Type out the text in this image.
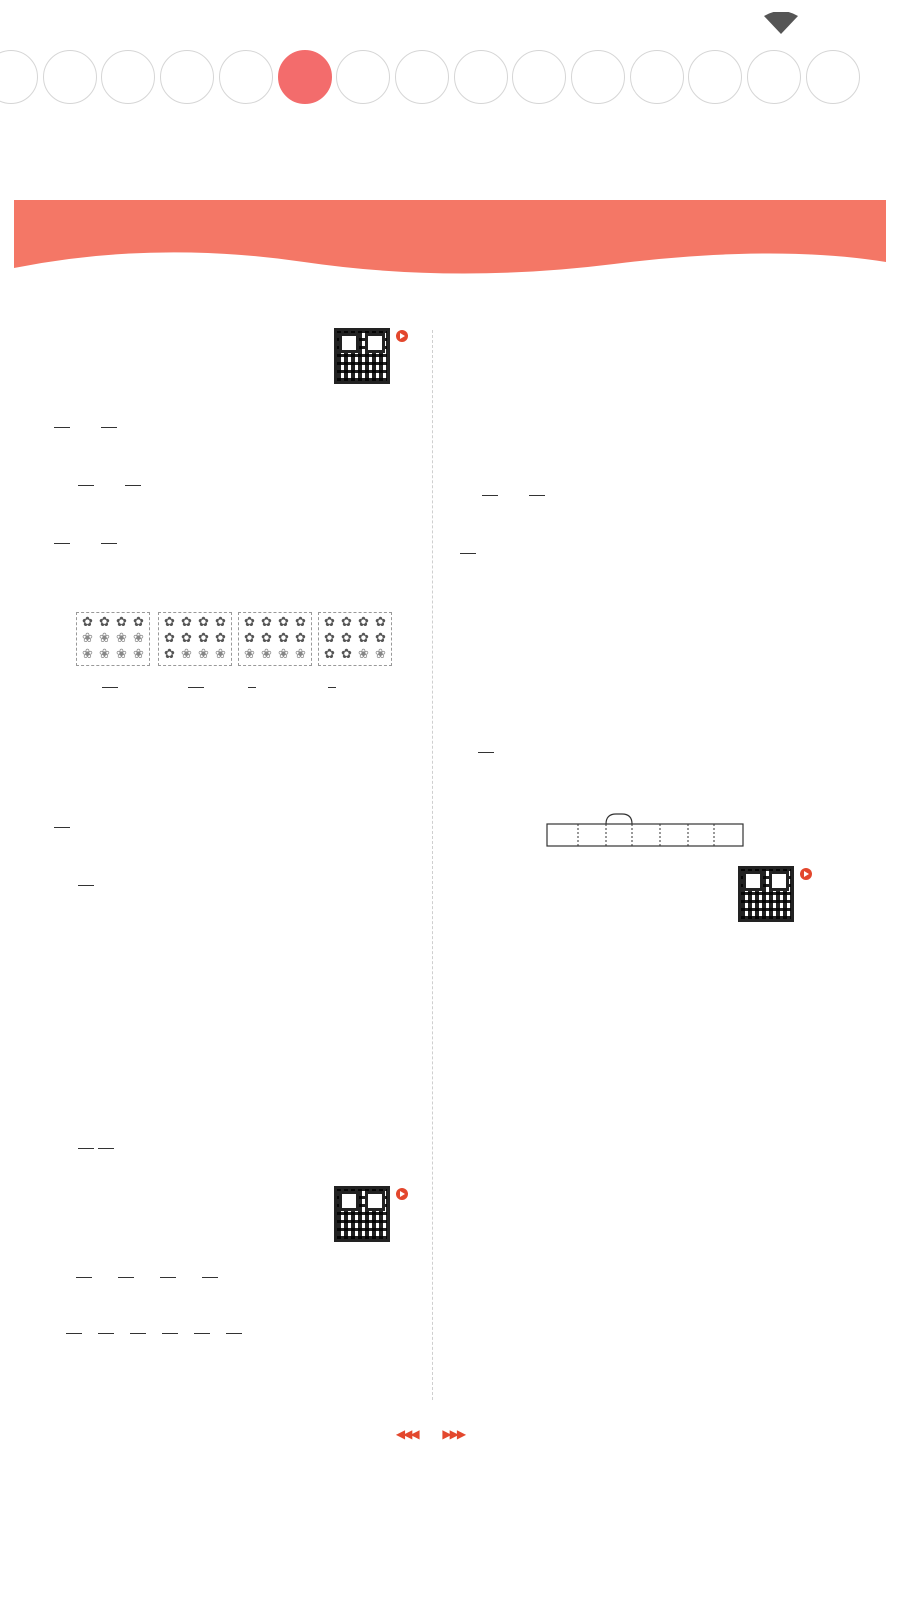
✿ ✿ ✿ ✿
❀ ❀ ❀ ❀
❀ ❀ ❀ ❀
✿ ✿ ✿ ✿
✿ ✿ ✿ ✿
✿ ❀ ❀ ❀
✿ ✿ ✿ ✿
✿ ✿ ✿ ✿
❀ ❀ ❀ ❀
✿ ✿ ✿ ✿
✿ ✿ ✿ ✿
✿ ✿ ❀ ❀

◀◀◀ ▶▶▶
